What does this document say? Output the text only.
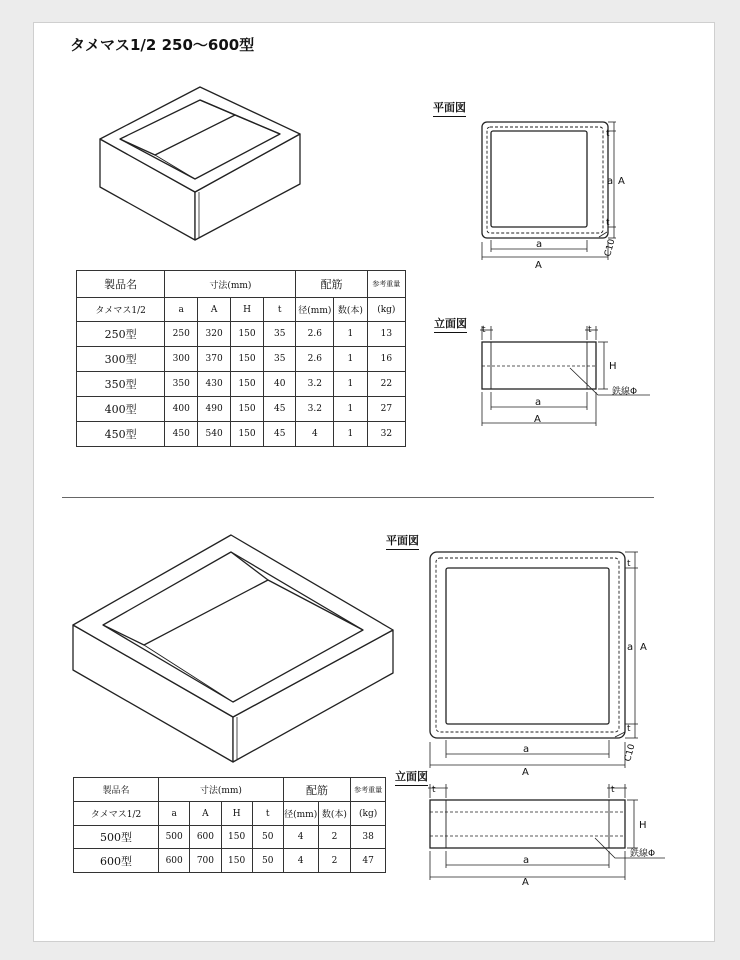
タメマス1/2 250〜600型
平面図
t
a A
t
a
A
C10
立面図 t	t
H
a
A
鉄線Φ
製品名	寸法(mm)				配筋		参考重量
タメマス1/2	a	A	H	t	径(mm)	数(本)	(kg)
250型	250	320	150	35	2.6	1	13
300型	300	370	150	35	2.6	1	16
350型	350	430	150	40	3.2	1	22
400型	400	490	150	45	3.2	1	27
450型	450	540	150	45	4	1	32
平面図
t
a A
t
a
A
C10
立面図
t	t
H
a
A
鉄線Φ
製品名	寸法(mm)				配筋		参考重量
タメマス1/2	a	A	H	t	径(mm)	数(本)	(kg)
500型	500	600	150	50	4	2	38
600型	600	700	150	50	4	2	47
